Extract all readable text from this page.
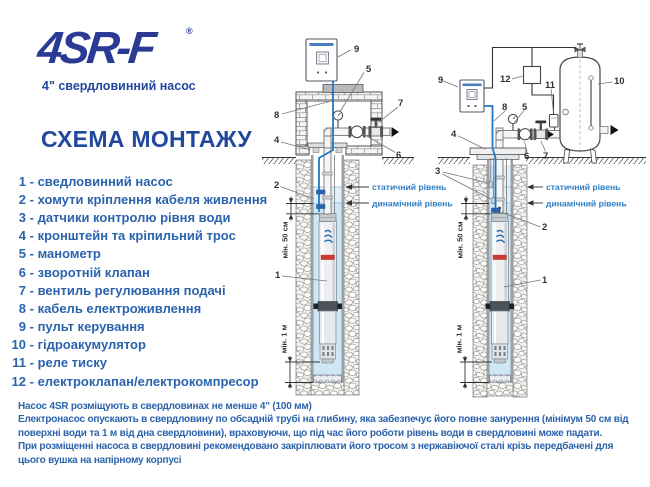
4SR-F	®
4" свердловинний насос
СХЕМА МОНТАЖУ
1 - сведловинний насос
2 - хомути кріплення кабеля живлення
3 - датчики контролю рівня води
4 - кронштейн та кріпильний трос
5 - манометр
6 - зворотній клапан
7 - вентиль регулювання подачі
8 - кабель електроживлення
9 - пульт керування
10 - гідроакумулятор
11 - реле тиску
12 - електроклапан/електрокомпресор
9
5
8
4
7
6
2
1
статичний рівень
динамічний рівень
мін. 50 см
мін. 1 м
9	12
11	10
8 5
4
3
6 7
2
1
статичний рівень
динамічний рівень
мін. 50 см
мін. 1 м

Насос 4SR розміщують в свердловинах не менше 4" (100 мм)

Електронасос опускають в свердловину по обсадній трубі на глибину, яка забезпечує його повне занурення (мінімум 50 см від поверхні води та 1 м від дна свердловини), враховуючи, що під час його роботи рівень води в свердловині може падати.

При розміщенні насоса в свердловині рекомендовано закріплювати його тросом з нержавіючої сталі крізь передбачені для цього вушка на напірному корпусі
